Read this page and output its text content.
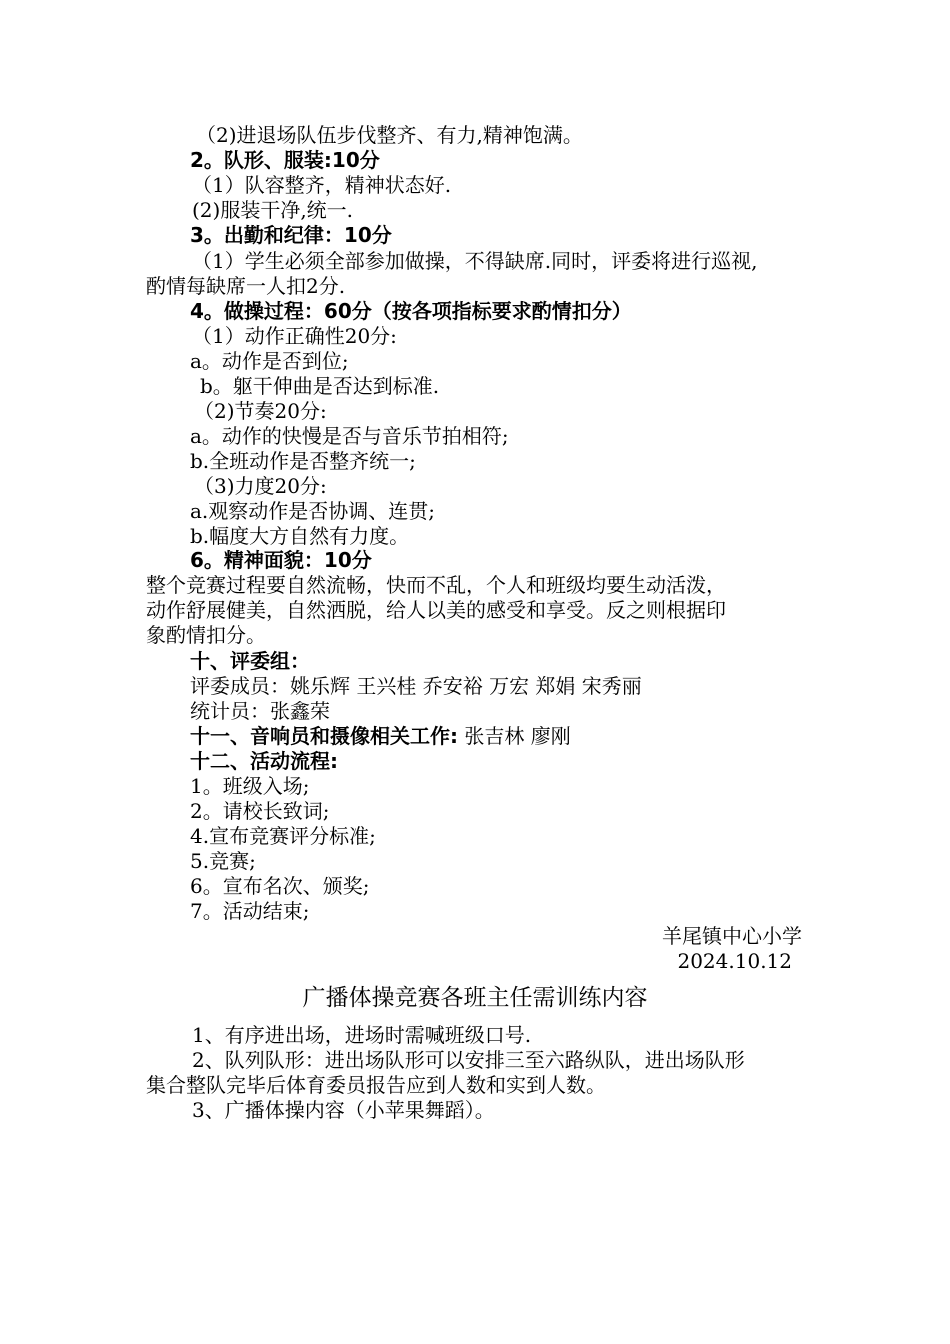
（2)进退场队伍步伐整齐、有力,精神饱满。
2。队形、服装:10分
（1）队容整齐，精神状态好.
(2)服装干净,统一.
3。出勤和纪律：10分
（1）学生必须全部参加做操，不得缺席.同时，评委将进行巡视,
酌情每缺席一人扣2分.
4。做操过程：60分（按各项指标要求酌情扣分）
（1）动作正确性20分:
a。动作是否到位;
b。躯干伸曲是否达到标准.
（2)节奏20分:
a。动作的快慢是否与音乐节拍相符;
b.全班动作是否整齐统一;
（3)力度20分:
a.观察动作是否协调、连贯;
b.幅度大方自然有力度。
6。精神面貌：10分
整个竞赛过程要自然流畅，快而不乱，个人和班级均要生动活泼，
动作舒展健美，自然洒脱，给人以美的感受和享受。反之则根据印
象酌情扣分。
十、评委组：
评委成员：姚乐辉 王兴桂 乔安裕 万宏 郑娟 宋秀丽
统计员：张鑫荣
十一、音响员和摄像相关工作: 张吉林 廖刚
十二、活动流程:
1。班级入场;
2。请校长致词;
4.宣布竞赛评分标准;
5.竞赛;
6。宣布名次、颁奖;
7。活动结束;
羊尾镇中心小学
2024.10.12
广播体操竞赛各班主任需训练内容
1、有序进出场，进场时需喊班级口号.
2、队列队形：进出场队形可以安排三至六路纵队，进出场队形
集合整队完毕后体育委员报告应到人数和实到人数。
3、广播体操内容（小苹果舞蹈）。
